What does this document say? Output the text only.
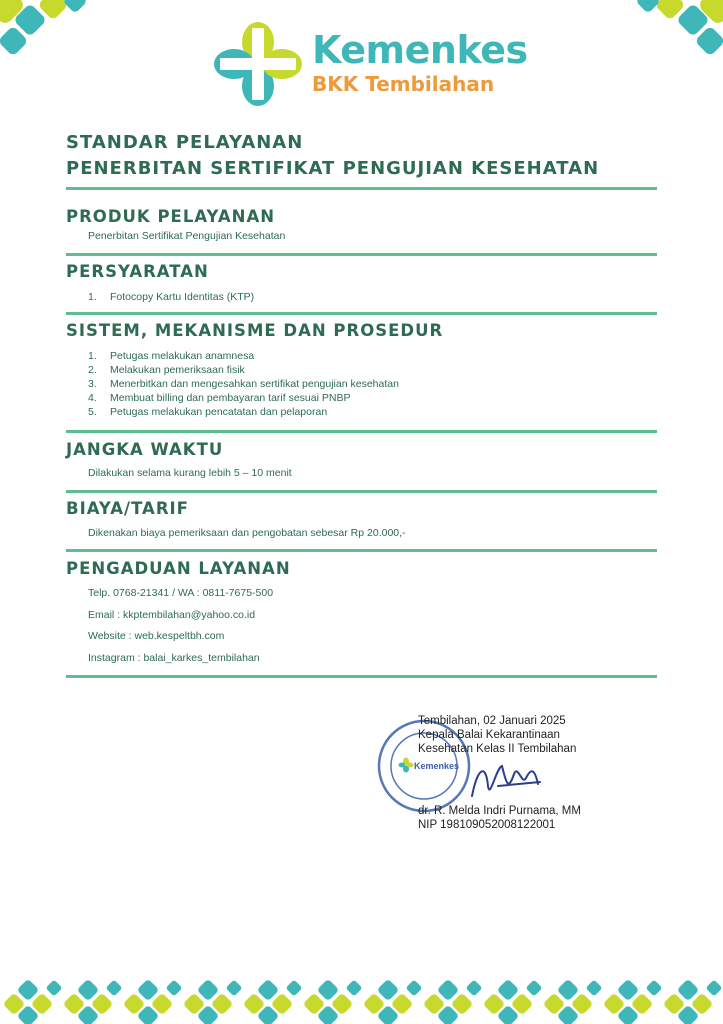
Kemenkes
BKK Tembilahan
STANDAR PELAYANAN
PENERBITAN SERTIFIKAT PENGUJIAN KESEHATAN
PRODUK PELAYANAN
Penerbitan Sertifikat Pengujian Kesehatan
PERSYARATAN
1. Fotocopy Kartu Identitas (KTP)
SISTEM, MEKANISME DAN PROSEDUR
1. Petugas melakukan anamnesa
2. Melakukan pemeriksaan fisik
3. Menerbitkan dan mengesahkan sertifikat pengujian kesehatan
4. Membuat billing dan pembayaran tarif sesuai PNBP
5. Petugas melakukan pencatatan dan pelaporan
JANGKA WAKTU
Dilakukan selama kurang lebih 5 – 10 menit
BIAYA/TARIF
Dikenakan biaya pemeriksaan dan pengobatan sebesar Rp 20.000,-
PENGADUAN LAYANAN
Telp. 0768-21341 / WA : 0811-7675-500
Email : kkptembilahan@yahoo.co.id
Website : web.kespeltbh.com
Instagram : balai_karkes_tembilahan
Kemenkes
Tembilahan, 02 Januari 2025
Kepala Balai Kekarantinaan
Kesehatan Kelas II Tembilahan
dr. R. Melda Indri Purnama, MM
NIP 198109052008122001
